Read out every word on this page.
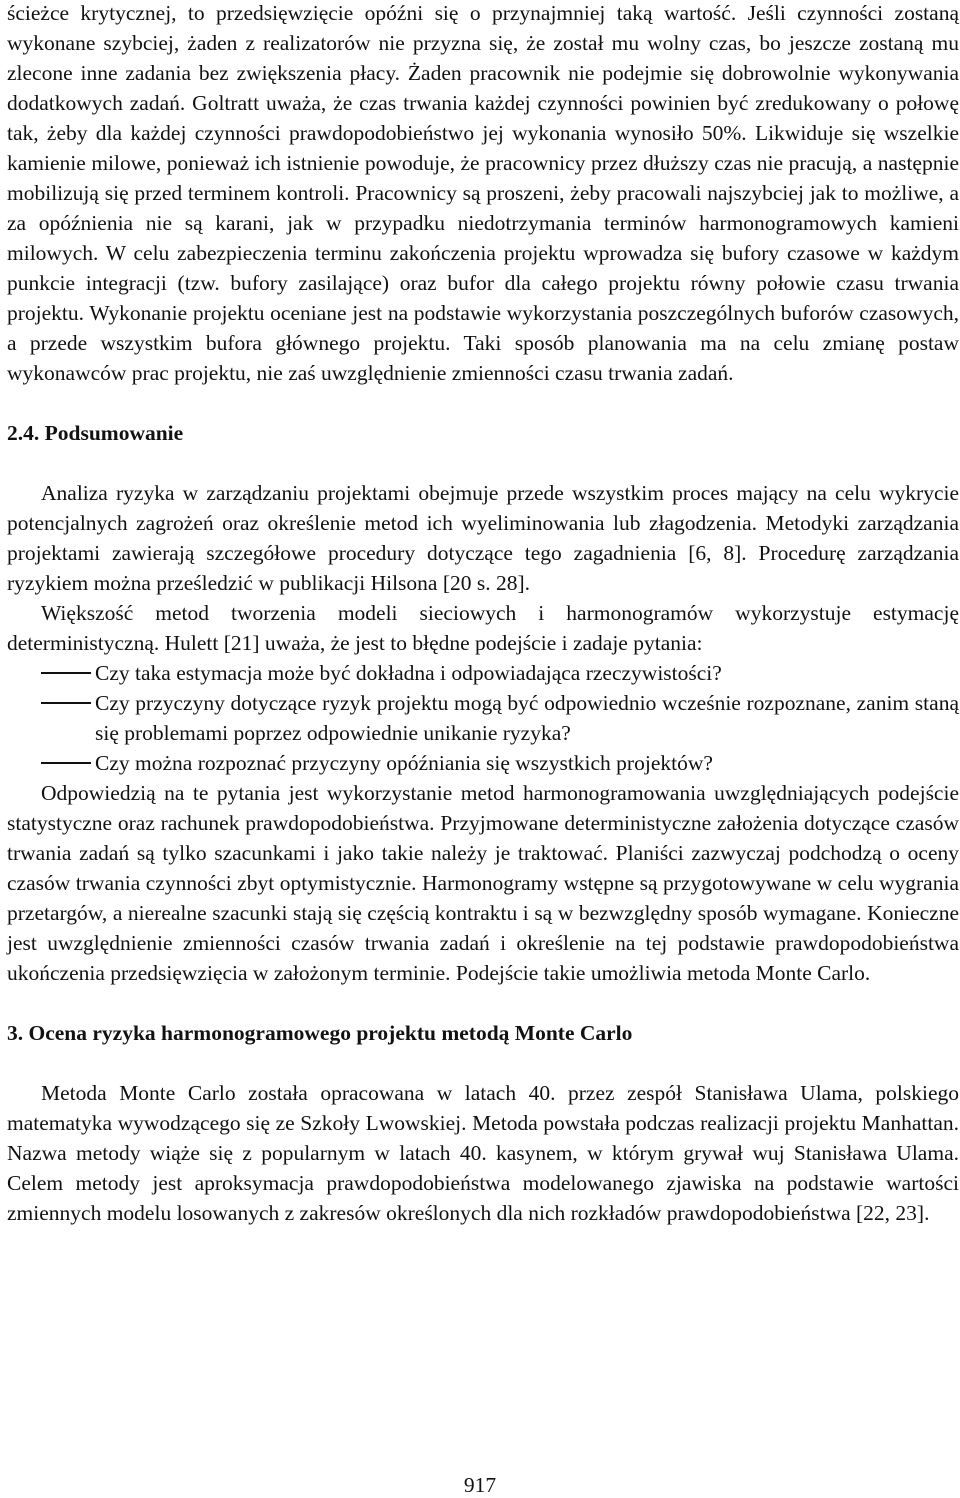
ścieżce krytycznej, to przedsięwzięcie opóźni się o przynajmniej taką wartość. Jeśli czynności zostaną wykonane szybciej, żaden z realizatorów nie przyzna się, że został mu wolny czas, bo jeszcze zostaną mu zlecone inne zadania bez zwiększenia płacy. Żaden pracownik nie podejmie się dobrowolnie wykonywania dodatkowych zadań. Goltratt uważa, że czas trwania każdej czynności powinien być zredukowany o połowę tak, żeby dla każdej czynności prawdopodobieństwo jej wykonania wynosiło 50%. Likwiduje się wszelkie kamienie milowe, ponieważ ich istnienie powoduje, że pracownicy przez dłuższy czas nie pracują, a następnie mobilizują się przed terminem kontroli. Pracownicy są proszeni, żeby pracowali najszybciej jak to możliwe, a za opóźnienia nie są karani, jak w przypadku niedotrzymania terminów harmonogramowych kamieni milowych. W celu zabezpieczenia terminu zakończenia projektu wprowadza się bufory czasowe w każdym punkcie integracji (tzw. bufory zasilające) oraz bufor dla całego projektu równy połowie czasu trwania projektu. Wykonanie projektu oceniane jest na podstawie wykorzystania poszczególnych buforów czasowych, a przede wszystkim bufora głównego projektu. Taki sposób planowania ma na celu zmianę postaw wykonawców prac projektu, nie zaś uwzględnienie zmienności czasu trwania zadań.

2.4. Podsumowanie

Analiza ryzyka w zarządzaniu projektami obejmuje przede wszystkim proces mający na celu wykrycie potencjalnych zagrożeń oraz określenie metod ich wyeliminowania lub złagodzenia. Metodyki zarządzania projektami zawierają szczegółowe procedury dotyczące tego zagadnienia [6, 8]. Procedurę zarządzania ryzykiem można prześledzić w publikacji Hilsona [20 s. 28].

Większość metod tworzenia modeli sieciowych i harmonogramów wykorzystuje estymację deterministyczną. Hulett [21] uważa, że jest to błędne podejście i zadaje pytania:

Czy taka estymacja może być dokładna i odpowiadająca rzeczywistości?
Czy przyczyny dotyczące ryzyk projektu mogą być odpowiednio wcześnie rozpoznane, zanim staną się problemami poprzez odpowiednie unikanie ryzyka?
Czy można rozpoznać przyczyny opóźniania się wszystkich projektów?

Odpowiedzią na te pytania jest wykorzystanie metod harmonogramowania uwzględniających podejście statystyczne oraz rachunek prawdopodobieństwa. Przyjmowane deterministyczne założenia dotyczące czasów trwania zadań są tylko szacunkami i jako takie należy je traktować. Planiści zazwyczaj podchodzą o oceny czasów trwania czynności zbyt optymistycznie. Harmonogramy wstępne są przygotowywane w celu wygrania przetargów, a nierealne szacunki stają się częścią kontraktu i są w bezwzględny sposób wymagane. Konieczne jest uwzględnienie zmienności czasów trwania zadań i określenie na tej podstawie prawdopodobieństwa ukończenia przedsięwzięcia w założonym terminie. Podejście takie umożliwia metoda Monte Carlo.

3. Ocena ryzyka harmonogramowego projektu metodą Monte Carlo

Metoda Monte Carlo została opracowana w latach 40. przez zespół Stanisława Ulama, polskiego matematyka wywodzącego się ze Szkoły Lwowskiej. Metoda powstała podczas realizacji projektu Manhattan. Nazwa metody wiąże się z popularnym w latach 40. kasynem, w którym grywał wuj Stanisława Ulama. Celem metody jest aproksymacja prawdopodobieństwa modelowanego zjawiska na podstawie wartości zmiennych modelu losowanych z zakresów określonych dla nich rozkładów prawdopodobieństwa [22, 23].

917
